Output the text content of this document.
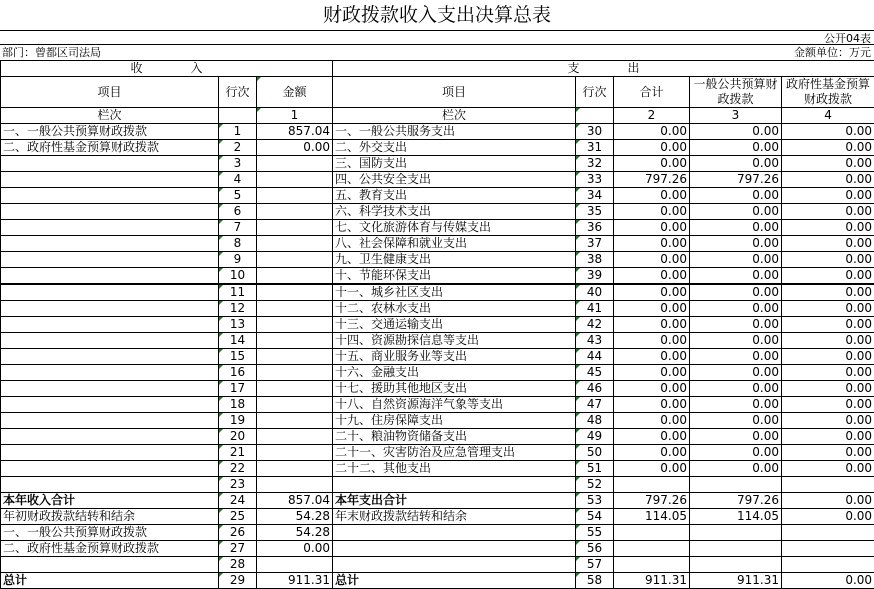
财政拨款收入支出决算总表
公开04表
部门：曾都区司法局	金额单位：万元
收　　　　入			支　　　　出				
项目	行次	金额	项目	行次	合计	一般公共预算财政拨款	政府性基金预算财政拨款
栏次		1	栏次		2	3	4
一、一般公共预算财政拨款	1	857.04	一、一般公共服务支出	30	0.00	0.00	0.00
二、政府性基金预算财政拨款	2	0.00	二、外交支出	31	0.00	0.00	0.00
	3		三、国防支出	32	0.00	0.00	0.00
	4		四、公共安全支出	33	797.26	797.26	0.00
	5		五、教育支出	34	0.00	0.00	0.00
	6		六、科学技术支出	35	0.00	0.00	0.00
	7		七、文化旅游体育与传媒支出	36	0.00	0.00	0.00
	8		八、社会保障和就业支出	37	0.00	0.00	0.00
	9		九、卫生健康支出	38	0.00	0.00	0.00
	10		十、节能环保支出	39	0.00	0.00	0.00
	11		十一、城乡社区支出	40	0.00	0.00	0.00
	12		十二、农林水支出	41	0.00	0.00	0.00
	13		十三、交通运输支出	42	0.00	0.00	0.00
	14		十四、资源勘探信息等支出	43	0.00	0.00	0.00
	15		十五、商业服务业等支出	44	0.00	0.00	0.00
	16		十六、金融支出	45	0.00	0.00	0.00
	17		十七、援助其他地区支出	46	0.00	0.00	0.00
	18		十八、自然资源海洋气象等支出	47	0.00	0.00	0.00
	19		十九、住房保障支出	48	0.00	0.00	0.00
	20		二十、粮油物资储备支出	49	0.00	0.00	0.00
	21		二十一、灾害防治及应急管理支出	50	0.00	0.00	0.00
	22		二十二、其他支出	51	0.00	0.00	0.00
	23			52			
本年收入合计	24	857.04	本年支出合计	53	797.26	797.26	0.00
年初财政拨款结转和结余	25	54.28	年末财政拨款结转和结余	54	114.05	114.05	0.00
一、一般公共预算财政拨款	26	54.28		55			
二、政府性基金预算财政拨款	27	0.00		56			
	28			57			
总计	29	911.31	总计	58	911.31	911.31	0.00
